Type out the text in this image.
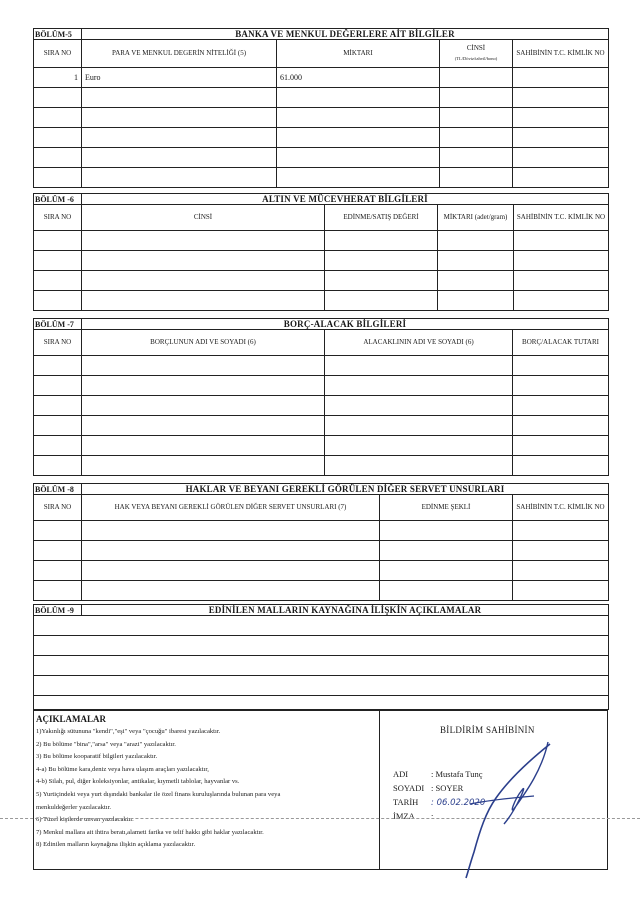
BÖLÜM-5	BANKA VE MENKUL DEĞERLERE AİT BİLGİLER
SIRA NO	PARA VE MENKUL DEGERİN NİTELİĞİ (5)	MİKTARI	CİNSİ
(TL/Döviz/tahvil/bono)	SAHİBİNİN T.C. KİMLİK NO
1	Euro	61.000		

BÖLÜM -6	ALTIN VE MÜCEVHERAT BİLGİLERİ
SIRA NO	CİNSİ	EDİNME/SATIŞ DEĞERİ	MİKTARI (adet/gram)	SAHİBİNİN T.C. KİMLİK NO

BÖLÜM -7	BORÇ-ALACAK BİLGİLERİ
SIRA NO	BORÇLUNUN ADI VE SOYADI (6)	ALACAKLININ ADI VE SOYADI (6)	BORÇ/ALACAK TUTARI

BÖLÜM -8	HAKLAR VE BEYANI GEREKLİ GÖRÜLEN DİĞER SERVET UNSURLARI
SIRA NO	HAK VEYA BEYANI GEREKLİ GÖRÜLEN DİĞER SERVET UNSURLARI (7)	EDİNME ŞEKLİ	SAHİBİNİN T.C. KİMLİK NO

BÖLÜM -9	EDİNİLEN MALLARIN KAYNAĞINA İLİŞKİN AÇIKLAMALAR

AÇIKLAMALAR
1)Yakınlığı sütununa "kendi","eşi" veya "çocuğu" ibaresi yazılacaktır.
2) Bu bölüme "bina","arsa" veya "arazi" yazılacaktır.
3) Bu bölüme kooparatif bilgileri yazılacaktır.
4-a) Bu bölüme kara,deniz veya hava ulaşım araçları yazılacaktır,
4-b) Silah, pul, diğer koleksiyonlar, antikalar, kıymetli tablolar, hayvanlar vs.
5) Yurtiçindeki veya yurt dışındaki bankalar ile özel finans kuruluşlarında bulunan para veya
menkuldeğerler yazılacaktır.
6) Tüzel kişilerde unvan yazılacaktır.
7) Menkul mallara ait ihtira beratı,alameti farika ve telif hakkı gibi haklar yazılacaktır.
8) Edinilen malların kaynağına ilişkin açıklama yazılacaktır.
BİLDİRİM SAHİBİNİN
ADI	: Mustafa Tunç
SOYADI : SOYER
TARİH : 06.02.2020
İMZA :
